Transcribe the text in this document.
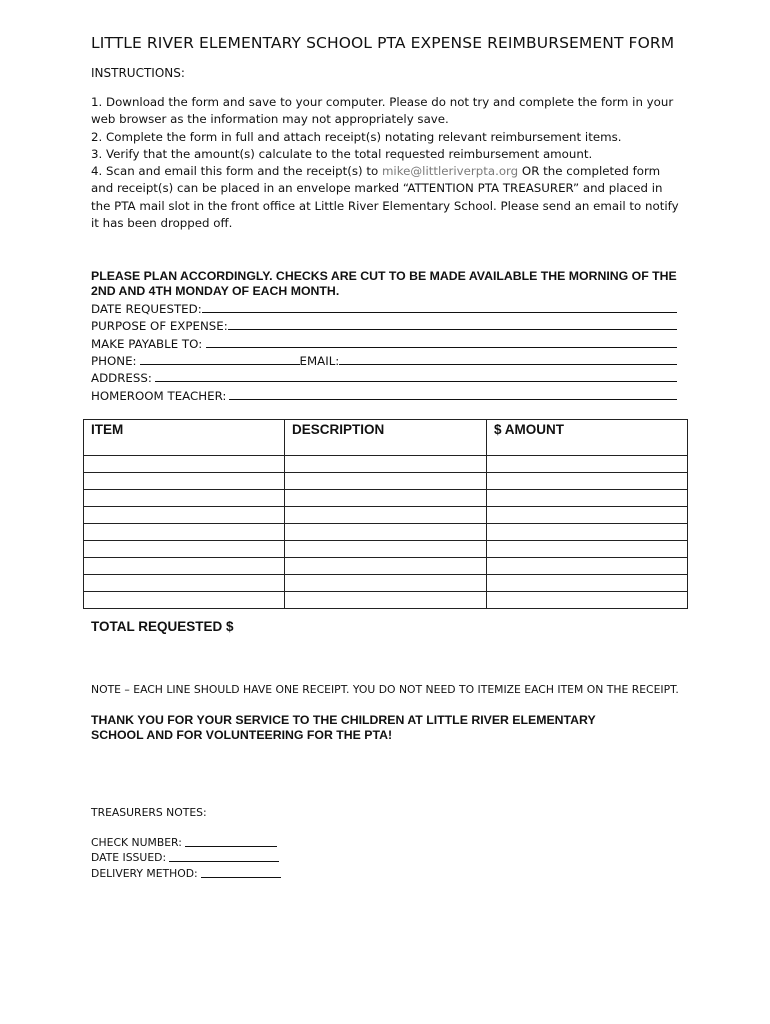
LITTLE RIVER ELEMENTARY SCHOOL PTA EXPENSE REIMBURSEMENT FORM
INSTRUCTIONS:

1. Download the form and save to your computer. Please do not try and complete the form in your web browser as the information may not appropriately save.

2. Complete the form in full and attach receipt(s) notating relevant reimbursement items.

3. Verify that the amount(s) calculate to the total requested reimbursement amount.

4. Scan and email this form and the receipt(s) to mike@littleriverpta.org OR the completed form and receipt(s) can be placed in an envelope marked “ATTENTION PTA TREASURER” and placed in the PTA mail slot in the front office at Little River Elementary School. Please send an email to notify it has been dropped off.

PLEASE PLAN ACCORDINGLY. CHECKS ARE CUT TO BE MADE AVAILABLE THE MORNING OF THE 2ND AND 4TH MONDAY OF EACH MONTH.
DATE REQUESTED:
PURPOSE OF EXPENSE:
MAKE PAYABLE TO:
PHONE:	EMAIL:
ADDRESS:
HOMEROOM TEACHER:
ITEM	DESCRIPTION	$ AMOUNT

TOTAL REQUESTED $
NOTE – EACH LINE SHOULD HAVE ONE RECEIPT. YOU DO NOT NEED TO ITEMIZE EACH ITEM ON THE RECEIPT.
THANK YOU FOR YOUR SERVICE TO THE CHILDREN AT LITTLE RIVER ELEMENTARY SCHOOL AND FOR VOLUNTEERING FOR THE PTA!
TREASURERS NOTES:
CHECK NUMBER:
DATE ISSUED:
DELIVERY METHOD:
